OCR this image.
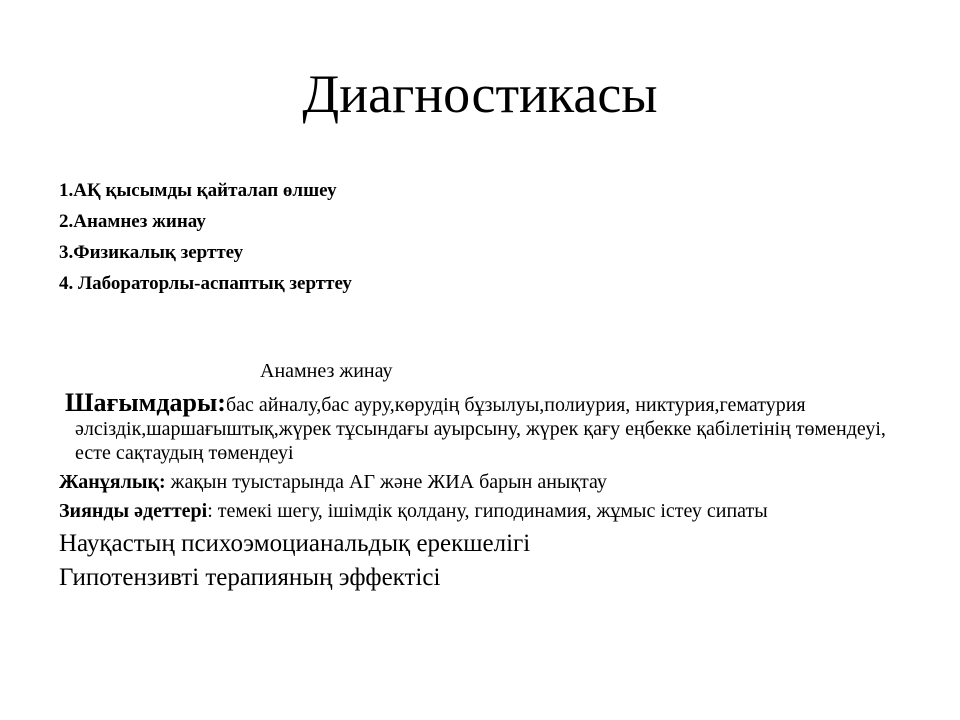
Диагностикасы
1.АҚ қысымды қайталап өлшеу
2.Анамнез жинау
3.Физикалық зерттеу
4. Лабораторлы-аспаптық зерттеу
Анамнез жинау
Шағымдары:бас айналу,бас ауру,көрудің бұзылуы,полиурия, никтурия,гематурия әлсіздік,шаршағыштық,жүрек тұсындағы ауырсыну, жүрек қағу еңбекке қабілетінің төмендеуі, есте сақтаудың төмендеуі
Жанұялық: жақын туыстарында АГ және ЖИА барын анықтау
Зиянды әдеттері: темекі шегу, ішімдік қолдану, гиподинамия, жұмыс істеу сипаты
Науқастың психоэмоцианальдық ерекшелігі
Гипотензивті терапияның эффектісі
